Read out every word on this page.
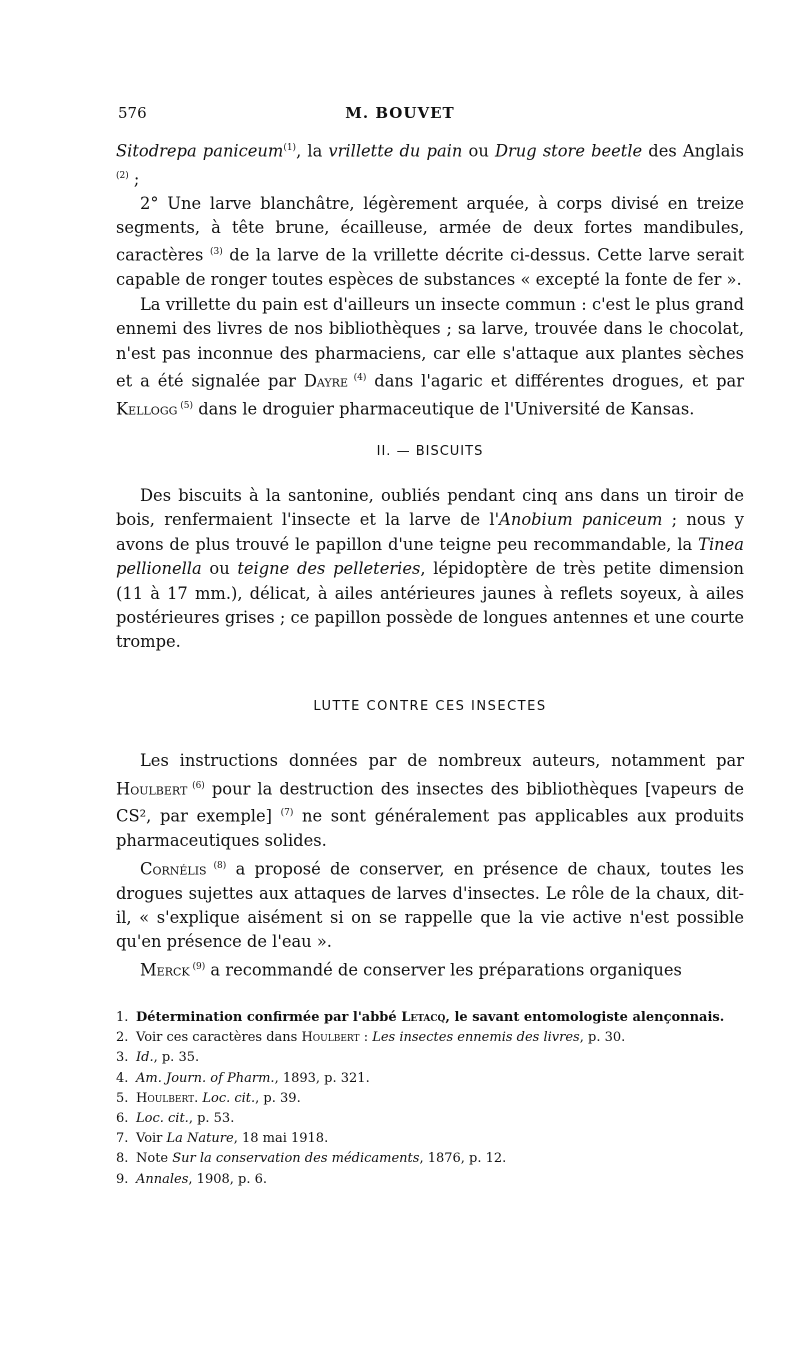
576	M. BOUVET

Sitodrepa paniceum$^{(1)}$, la vrillette du pain ou Drug store beetle des Anglais $^{(2)}$ ;

2° Une larve blanchâtre, légèrement arquée, à corps divisé en treize segments, à tête brune, écailleuse, armée de deux fortes mandibules, caractères $^{(3)}$ de la larve de la vrillette décrite ci-dessus. Cette larve serait capable de ronger toutes espèces de substances « excepté la fonte de fer ».

La vrillette du pain est d'ailleurs un insecte commun : c'est le plus grand ennemi des livres de nos bibliothèques ; sa larve, trouvée dans le chocolat, n'est pas inconnue des pharmaciens, car elle s'attaque aux plantes sèches et a été signalée par Dayre $^{(4)}$ dans l'agaric et différentes drogues, et par Kellogg $^{(5)}$ dans le droguier pharmaceutique de l'Université de Kansas.

II. — BISCUITS

Des biscuits à la santonine, oubliés pendant cinq ans dans un tiroir de bois, renfermaient l'insecte et la larve de l'Anobium paniceum ; nous y avons de plus trouvé le papillon d'une teigne peu recommandable, la Tinea pellionella ou teigne des pelleteries, lépidoptère de très petite dimension (11 à 17 mm.), délicat, à ailes antérieures jaunes à reflets soyeux, à ailes postérieures grises ; ce papillon possède de longues antennes et une courte trompe.

LUTTE CONTRE CES INSECTES

Les instructions données par de nombreux auteurs, notamment par Houlbert $^{(6)}$ pour la destruction des insectes des bibliothèques [vapeurs de CS², par exemple] $^{(7)}$ ne sont généralement pas applicables aux produits pharmaceutiques solides.

Cornélis $^{(8)}$ a proposé de conserver, en présence de chaux, toutes les drogues sujettes aux attaques de larves d'insectes. Le rôle de la chaux, dit-il, « s'explique aisément si on se rappelle que la vie active n'est possible qu'en présence de l'eau ».

Merck $^{(9)}$ a recommandé de conserver les préparations organiques

1. Détermination confirmée par l'abbé Letacq, le savant entomologiste alençonnais.
2. Voir ces caractères dans Houlbert : Les insectes ennemis des livres, p. 30.
3. Id., p. 35.
4. Am. Journ. of Pharm., 1893, p. 321.
5. Houlbert. Loc. cit., p. 39.
6. Loc. cit., p. 53.
7. Voir La Nature, 18 mai 1918.
8. Note Sur la conservation des médicaments, 1876, p. 12.
9. Annales, 1908, p. 6.
